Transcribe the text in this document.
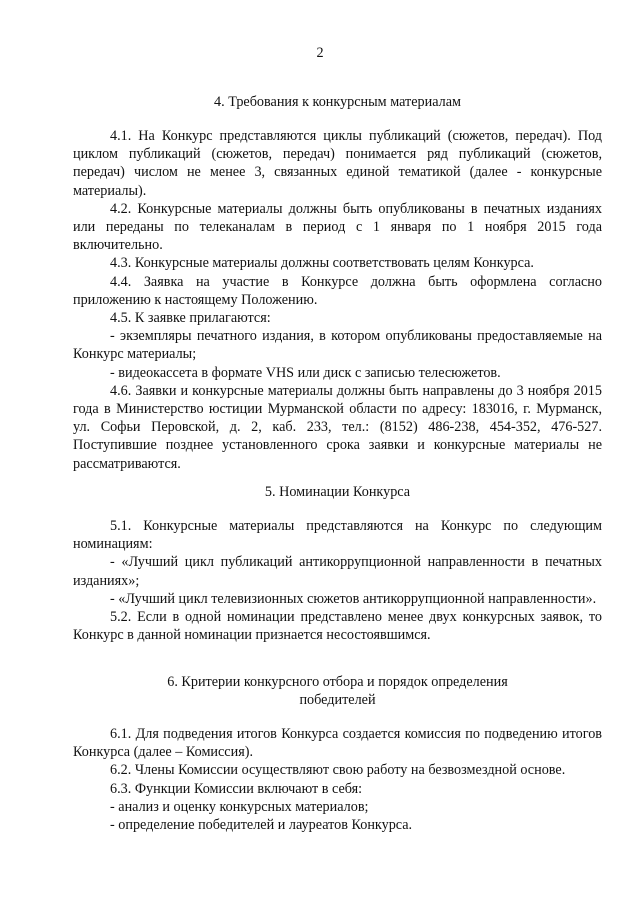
2
4. Требования к конкурсным материалам

4.1. На Конкурс представляются циклы публикаций (сюжетов, передач). Под циклом публикаций (сюжетов, передач) понимается ряд публикаций (сюжетов, передач) числом не менее 3, связанных единой тематикой (далее - конкурсные материалы).

4.2. Конкурсные материалы должны быть опубликованы в печатных изданиях или переданы по телеканалам в период с 1 января по 1 ноября 2015 года включительно.

4.3. Конкурсные материалы должны соответствовать целям Конкурса.

4.4. Заявка на участие в Конкурсе должна быть оформлена согласно приложению к настоящему Положению.

4.5. К заявке прилагаются:

- экземпляры печатного издания, в котором опубликованы предоставляемые на Конкурс материалы;

- видеокассета в формате VHS или диск с записью телесюжетов.

4.6. Заявки и конкурсные материалы должны быть направлены до 3 ноября 2015 года в Министерство юстиции Мурманской области по адресу: 183016, г. Мурманск, ул. Софьи Перовской, д. 2, каб. 233, тел.: (8152) 486-238, 454-352, 476-527. Поступившие позднее установленного срока заявки и конкурсные материалы не рассматриваются.

5. Номинации Конкурса

5.1. Конкурсные материалы представляются на Конкурс по следующим номинациям:

- «Лучший цикл публикаций антикоррупционной направленности в печатных изданиях»;

- «Лучший цикл телевизионных сюжетов антикоррупционной направленности».

5.2. Если в одной номинации представлено менее двух конкурсных заявок, то Конкурс в данной номинации признается несостоявшимся.

6. Критерии конкурсного отбора и порядок определения
победителей

6.1. Для подведения итогов Конкурса создается комиссия по подведению итогов Конкурса (далее – Комиссия).

6.2. Члены Комиссии осуществляют свою работу на безвозмездной основе.

6.3. Функции Комиссии включают в себя:

- анализ и оценку конкурсных материалов;

- определение победителей и лауреатов Конкурса.
